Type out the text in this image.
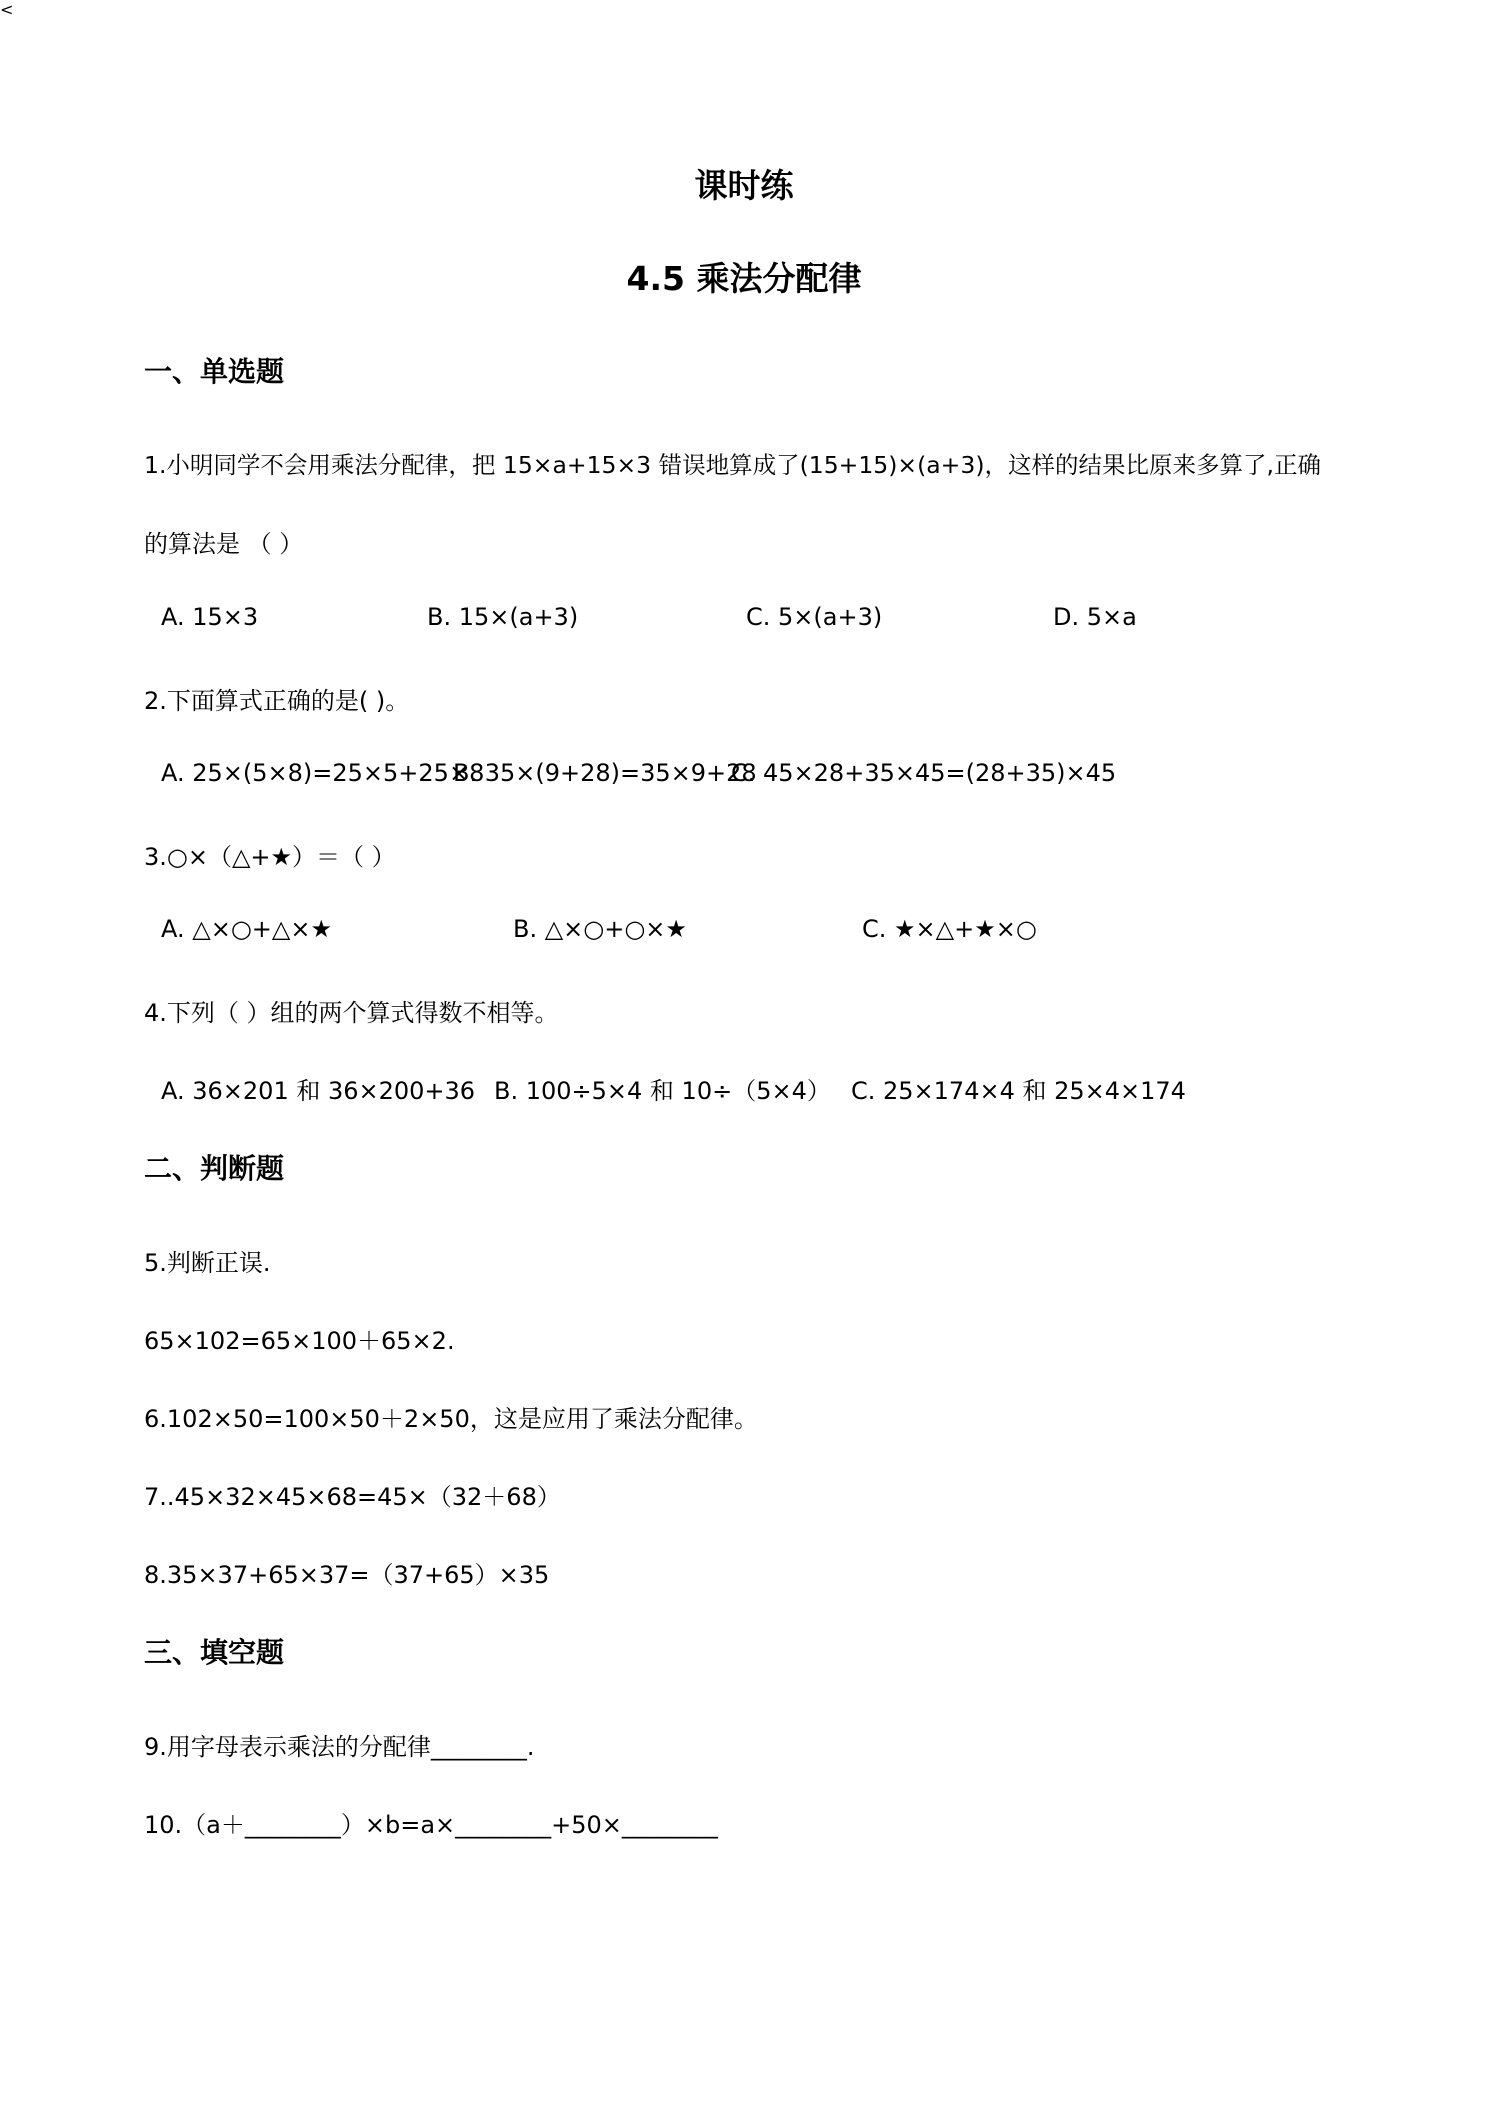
课时练
4.5 乘法分配律
一、单选题
1.小明同学不会用乘法分配律，把 15×a+15×3 错误地算成了(15+15)×(a+3)，这样的结果比原来多算了,正确
的算法是 （ ）
A. 15×3	B. 15×(a+3)	C. 5×(a+3)	D. 5×a
2.下面算式正确的是( )。
A. 25×(5×8)=25×5+25×8
B. 35×(9+28)=35×9+28
C. 45×28+35×45=(28+35)×45
3.○×（△+★）＝（ ）
A. △×○+△×★	B. △×○+○×★	C. ★×△+★×○
4.下列（ ）组的两个算式得数不相等。
A. 36×201 和 36×200+36 B. 100÷5×4 和 10÷（5×4） C. 25×174×4 和 25×4×174
二、判断题
5.判断正误.
65×102=65×100＋65×2.
6.102×50=100×50＋2×50，这是应用了乘法分配律。
7..45×32×45×68=45×（32＋68）
8.35×37+65×37=（37+65）×35
<
三、填空题
9.用字母表示乘法的分配律________.
10.（a＋________）×b=a×________+50×________
